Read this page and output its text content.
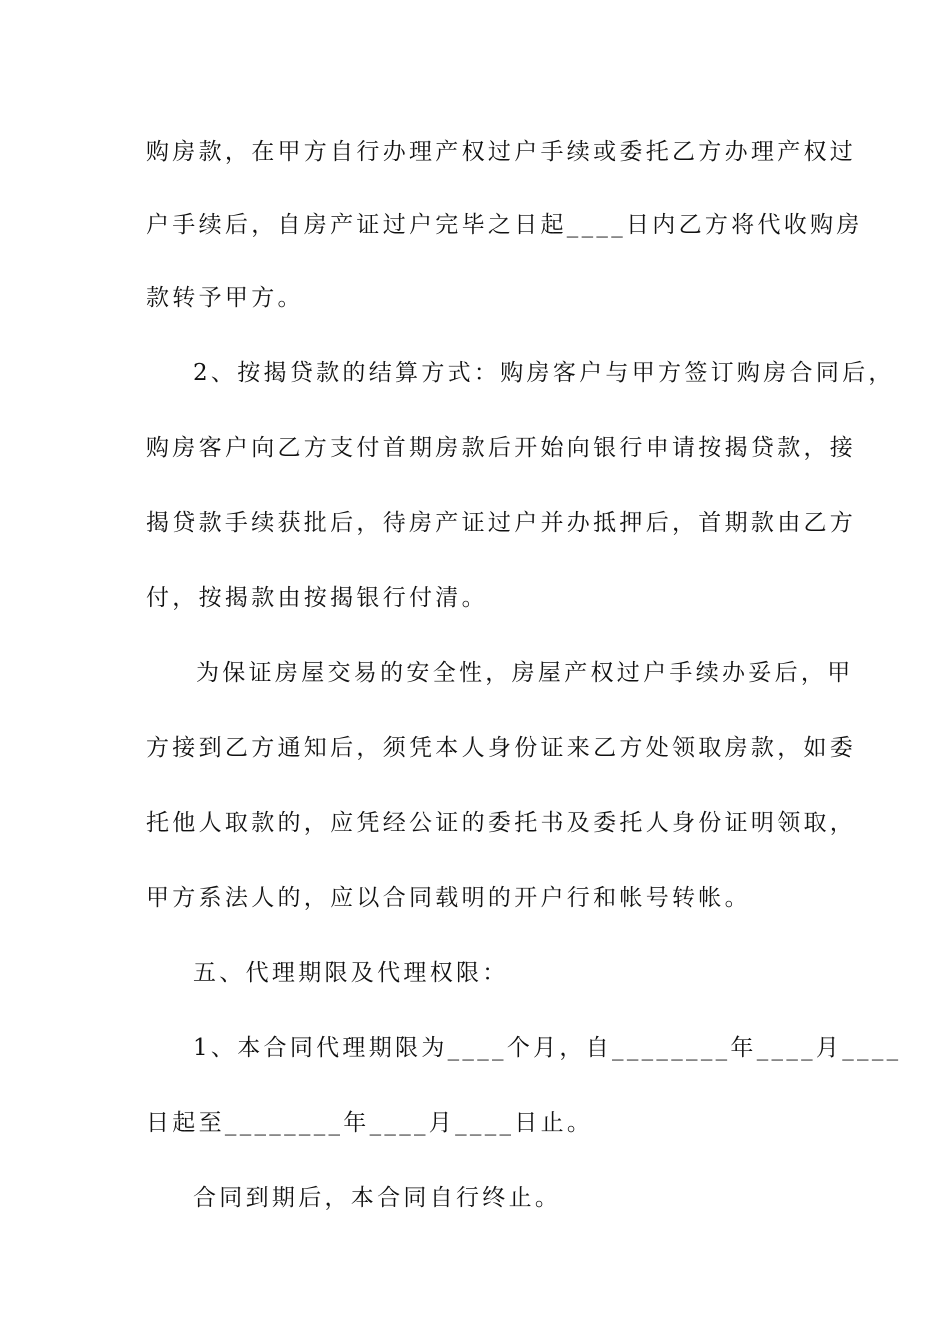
购房款，在甲方自行办理产权过户手续或委托乙方办理产权过

户手续后，自房产证过户完毕之日起____日内乙方将代收购房

款转予甲方。

2、按揭贷款的结算方式：购房客户与甲方签订购房合同后，

购房客户向乙方支付首期房款后开始向银行申请按揭贷款，接

揭贷款手续获批后，待房产证过户并办抵押后，首期款由乙方

付，按揭款由按揭银行付清。

为保证房屋交易的安全性，房屋产权过户手续办妥后，甲

方接到乙方通知后，须凭本人身份证来乙方处领取房款，如委

托他人取款的，应凭经公证的委托书及委托人身份证明领取，

甲方系法人的，应以合同载明的开户行和帐号转帐。

五、代理期限及代理权限：

1、本合同代理期限为____个月，自________年____月____

日起至________年____月____日止。

合同到期后，本合同自行终止。
